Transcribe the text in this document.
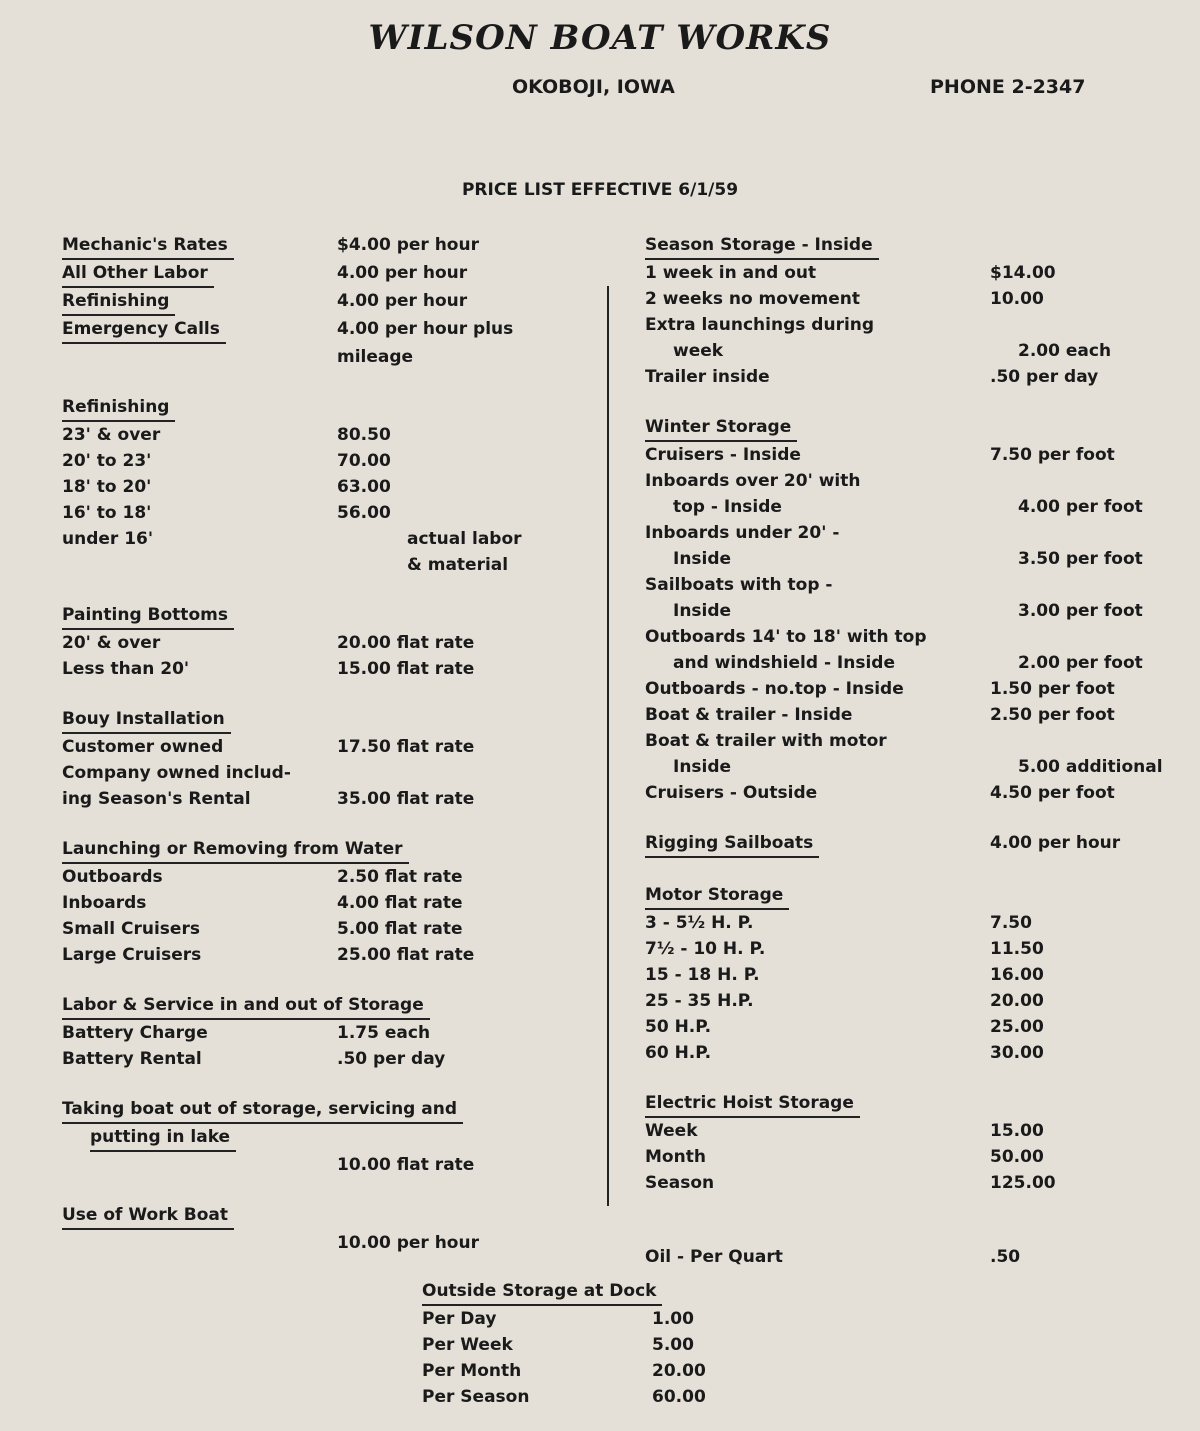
WILSON BOAT WORKS
OKOBOJI, IOWA	PHONE 2-2347
PRICE LIST EFFECTIVE 6/1/59
Mechanic's Rates	$4.00 per hour
All Other Labor	4.00 per hour
Refinishing	4.00 per hour
Emergency Calls	4.00 per hour plus
mileage
Refinishing
23' & over	80.50
20' to 23'	70.00
18' to 20'	63.00
16' to 18'	56.00
under 16'	actual labor
& material
Painting Bottoms
20' & over	20.00 flat rate
Less than 20'	15.00 flat rate
Bouy Installation
Customer owned	17.50 flat rate
Company owned includ-
ing Season's Rental	35.00 flat rate
Launching or Removing from Water
Outboards	2.50 flat rate
Inboards	4.00 flat rate
Small Cruisers	5.00 flat rate
Large Cruisers	25.00 flat rate
Labor & Service in and out of Storage
Battery Charge	1.75 each
Battery Rental	.50 per day
Taking boat out of storage, servicing and
putting in lake
10.00 flat rate
Use of Work Boat
10.00 per hour
Season Storage - Inside
1 week in and out	$14.00
2 weeks no movement	10.00
Extra launchings during
week	2.00 each
Trailer inside	.50 per day
Winter Storage
Cruisers - Inside	7.50 per foot
Inboards over 20' with
top - Inside	4.00 per foot
Inboards under 20' -
Inside	3.50 per foot
Sailboats with top -
Inside	3.00 per foot
Outboards 14' to 18' with top
and windshield - Inside	2.00 per foot
Outboards - no.top - Inside	1.50 per foot
Boat & trailer - Inside	2.50 per foot
Boat & trailer with motor
Inside	5.00 additional
Cruisers - Outside	4.50 per foot
Rigging Sailboats	4.00 per hour
Motor Storage
3 - 5½ H. P.	7.50
7½ - 10 H. P.	11.50
15 - 18 H. P.	16.00
25 - 35 H.P.	20.00
50 H.P.	25.00
60 H.P.	30.00
Electric Hoist Storage
Week	15.00
Month	50.00
Season	125.00
Oil - Per Quart	.50
Outside Storage at Dock
Per Day	1.00
Per Week	5.00
Per Month	20.00
Per Season	60.00
